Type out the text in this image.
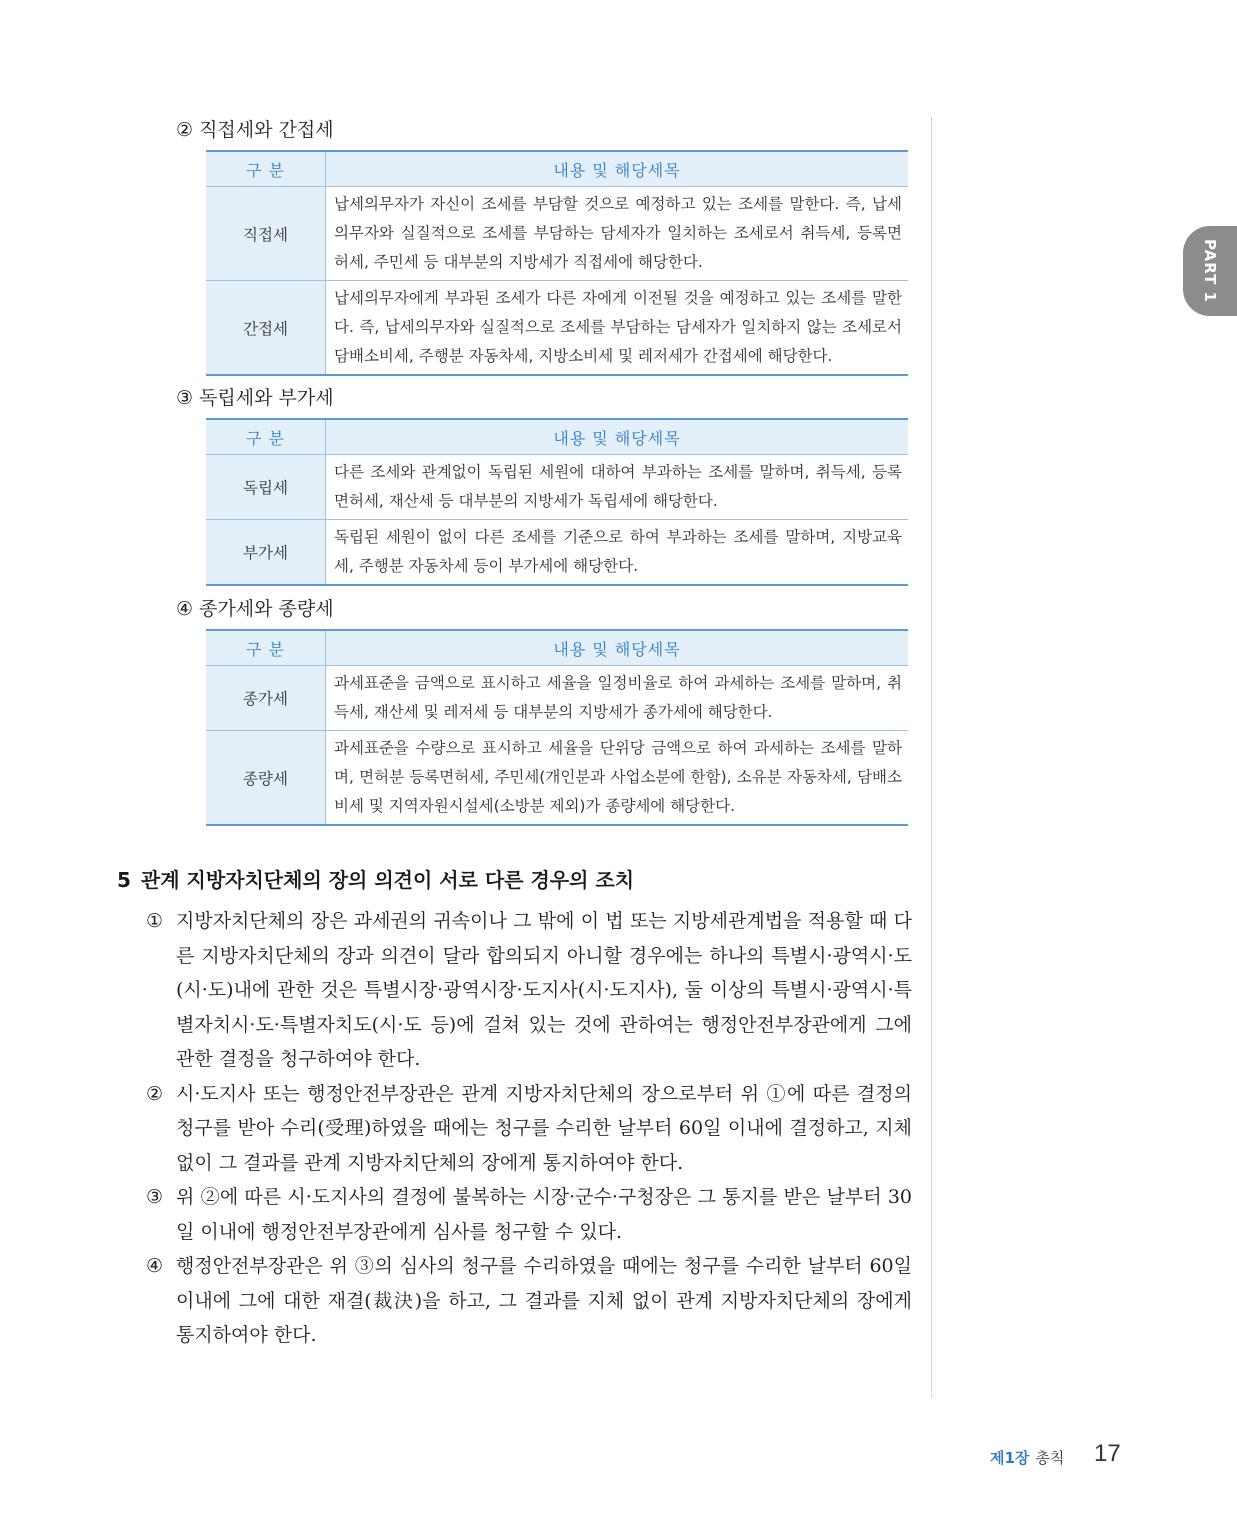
PART 1
② 직접세와 간접세
구 분	내용 및 해당세목
직접세	납세의무자가 자신이 조세를 부담할 것으로 예정하고 있는 조세를 말한다. 즉, 납세의무자와 실질적으로 조세를 부담하는 담세자가 일치하는 조세로서 취득세, 등록면허세, 주민세 등 대부분의 지방세가 직접세에 해당한다.
간접세	납세의무자에게 부과된 조세가 다른 자에게 이전될 것을 예정하고 있는 조세를 말한다. 즉, 납세의무자와 실질적으로 조세를 부담하는 담세자가 일치하지 않는 조세로서 담배소비세, 주행분 자동차세, 지방소비세 및 레저세가 간접세에 해당한다.
③ 독립세와 부가세
구 분	내용 및 해당세목
독립세	다른 조세와 관계없이 독립된 세원에 대하여 부과하는 조세를 말하며, 취득세, 등록면허세, 재산세 등 대부분의 지방세가 독립세에 해당한다.
부가세	독립된 세원이 없이 다른 조세를 기준으로 하여 부과하는 조세를 말하며, 지방교육세, 주행분 자동차세 등이 부가세에 해당한다.
④ 종가세와 종량세
구 분	내용 및 해당세목
종가세	과세표준을 금액으로 표시하고 세율을 일정비율로 하여 과세하는 조세를 말하며, 취득세, 재산세 및 레저세 등 대부분의 지방세가 종가세에 해당한다.
종량세	과세표준을 수량으로 표시하고 세율을 단위당 금액으로 하여 과세하는 조세를 말하며, 면허분 등록면허세, 주민세(개인분과 사업소분에 한함), 소유분 자동차세, 담배소비세 및 지역자원시설세(소방분 제외)가 종량세에 해당한다.
5 관계 지방자치단체의 장의 의견이 서로 다른 경우의 조치
① 지방자치단체의 장은 과세권의 귀속이나 그 밖에 이 법 또는 지방세관계법을 적용할 때 다른 지방자치단체의 장과 의견이 달라 합의되지 아니할 경우에는 하나의 특별시·광역시·도(시·도)내에 관한 것은 특별시장·광역시장·도지사(시·도지사), 둘 이상의 특별시·광역시·특별자치시·도·특별자치도(시·도 등)에 걸쳐 있는 것에 관하여는 행정안전부장관에게 그에 관한 결정을 청구하여야 한다.
② 시·도지사 또는 행정안전부장관은 관계 지방자치단체의 장으로부터 위 ①에 따른 결정의 청구를 받아 수리(受理)하였을 때에는 청구를 수리한 날부터 60일 이내에 결정하고, 지체 없이 그 결과를 관계 지방자치단체의 장에게 통지하여야 한다.
③ 위 ②에 따른 시·도지사의 결정에 불복하는 시장·군수·구청장은 그 통지를 받은 날부터 30일 이내에 행정안전부장관에게 심사를 청구할 수 있다.
④ 행정안전부장관은 위 ③의 심사의 청구를 수리하였을 때에는 청구를 수리한 날부터 60일 이내에 그에 대한 재결(裁決)을 하고, 그 결과를 지체 없이 관계 지방자치단체의 장에게 통지하여야 한다.
제1장 총칙 17
